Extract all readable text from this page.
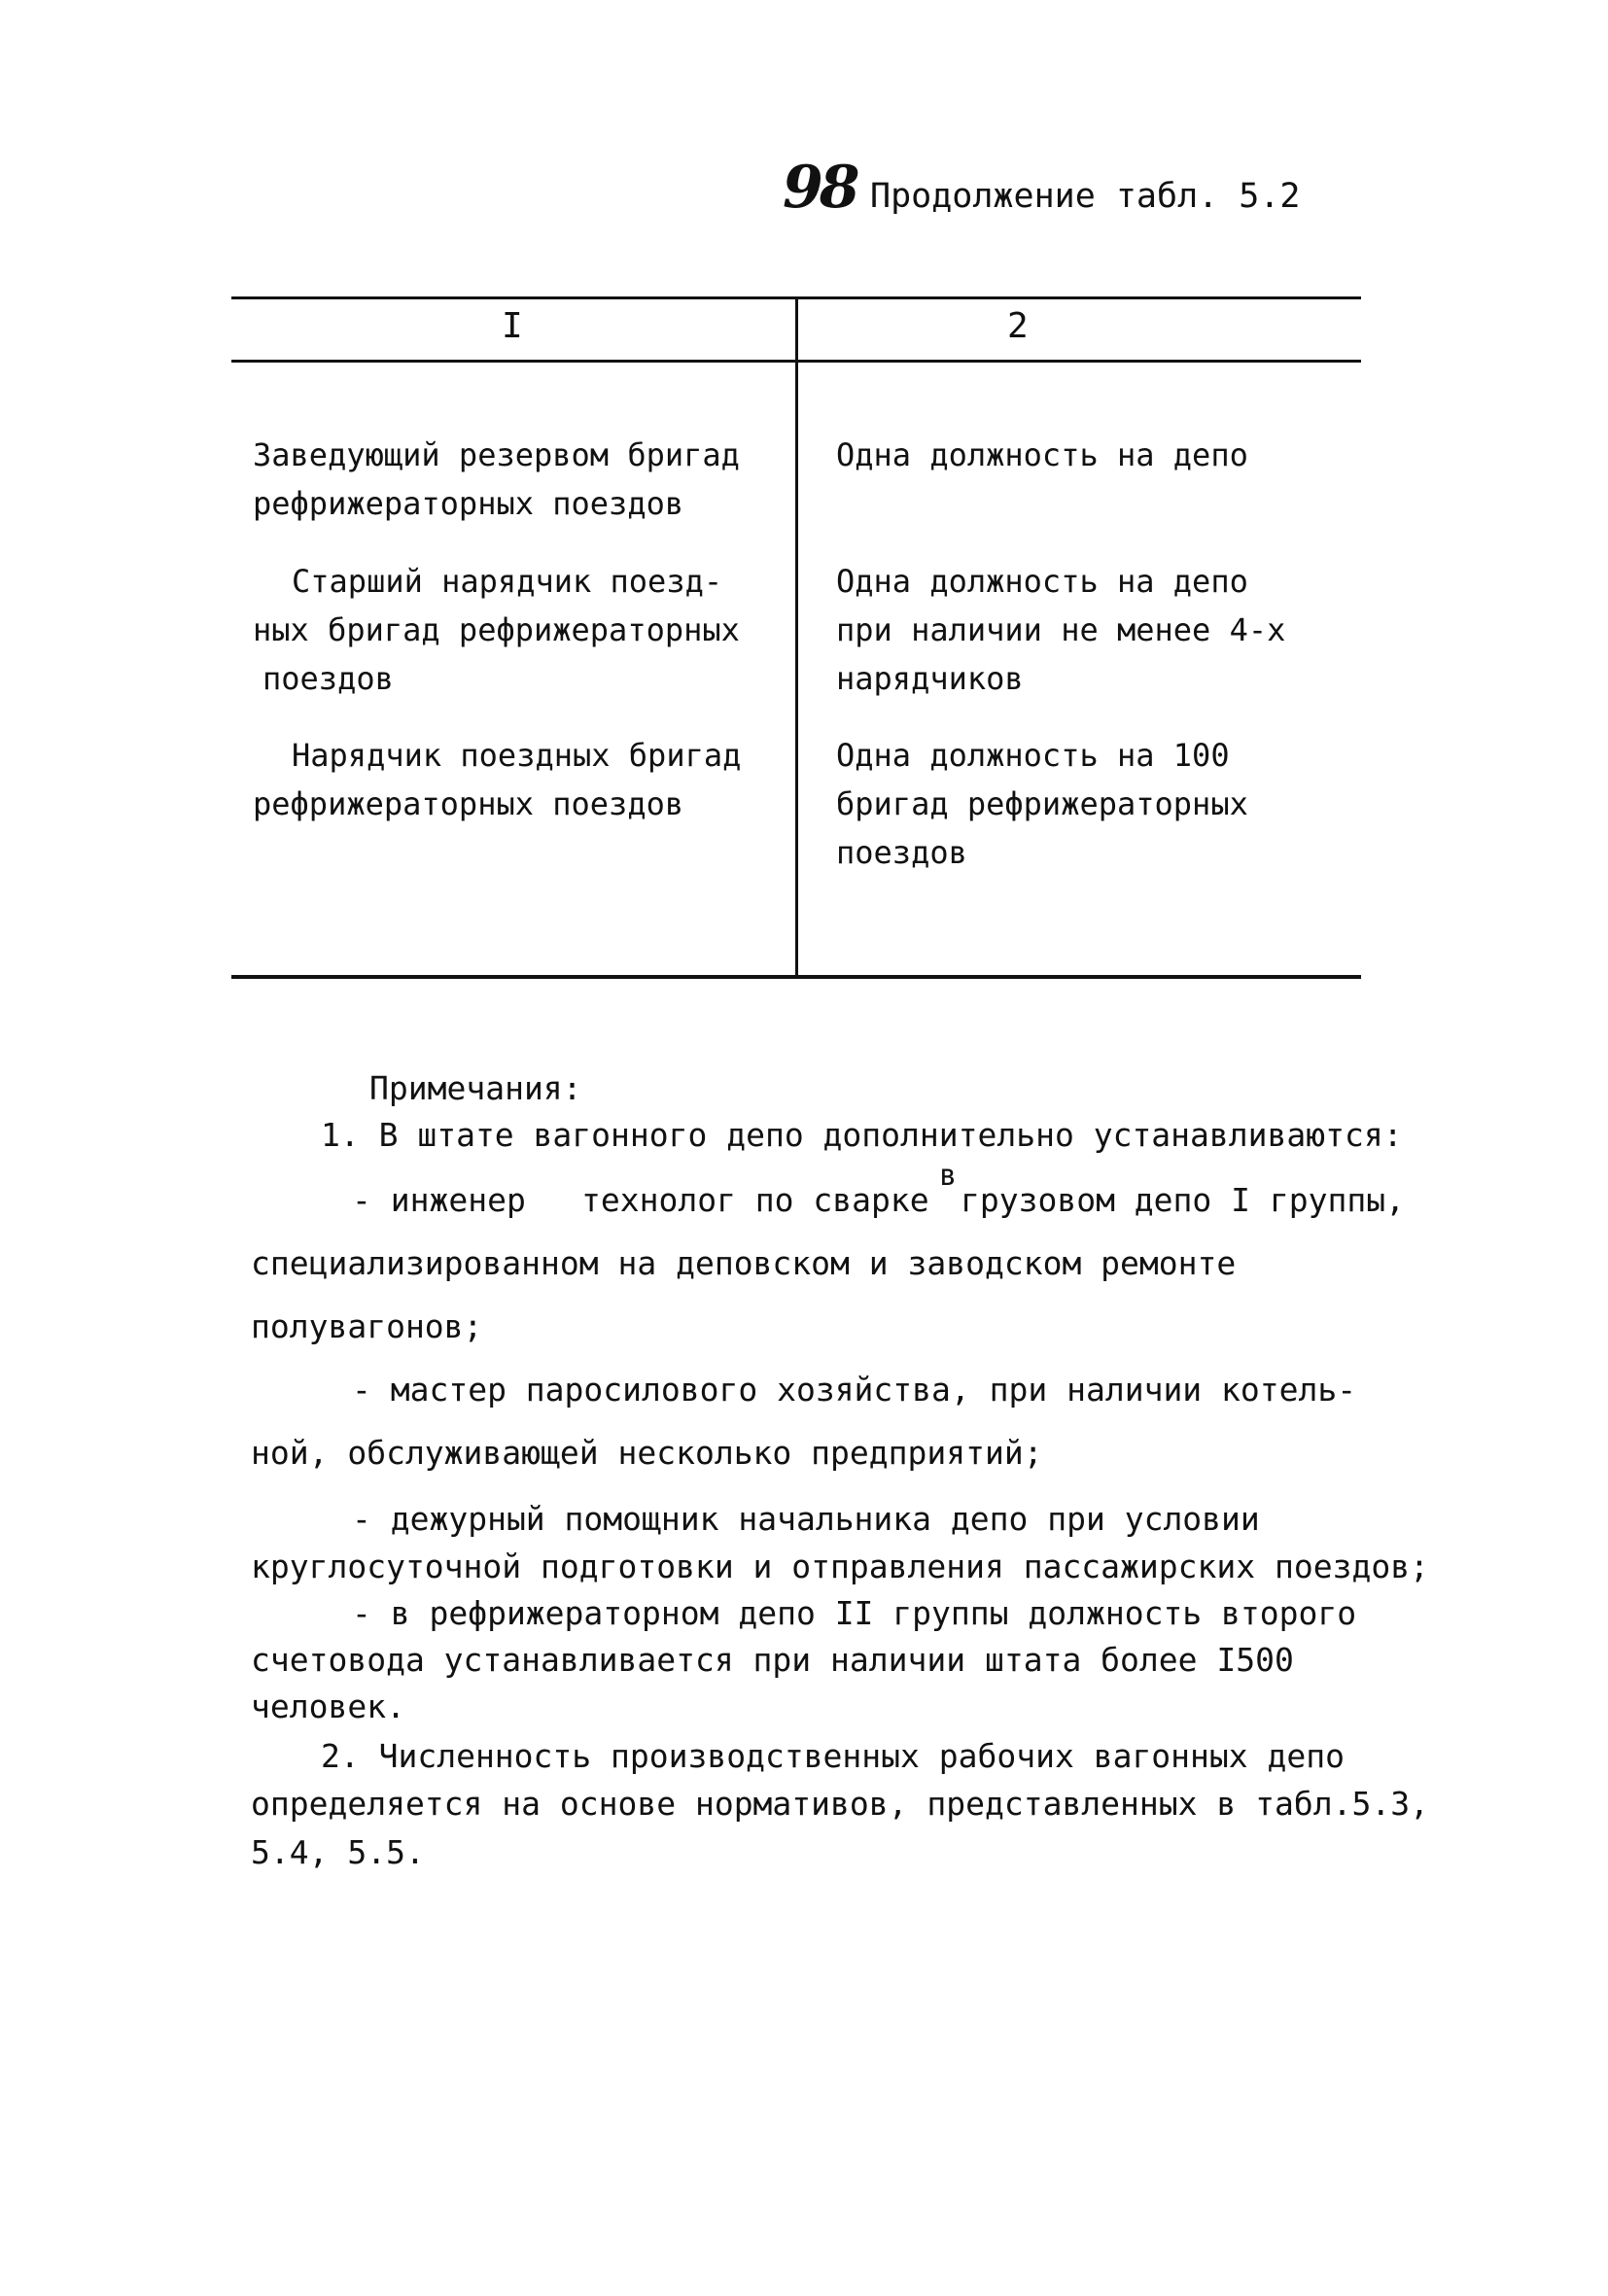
98 Продолжение табл. 5.2
I	2
Заведующий резервом бригад
рефрижераторных поездов
Одна должность на депо
Старший нарядчик поезд-
ных бригад рефрижераторных
поездов
Одна должность на депо
при наличии не менее 4-х
нарядчиков
Нарядчик поездных бригад
рефрижераторных поездов
Одна должность на 100
бригад рефрижераторных
поездов
Примечания:
1. В штате вагонного депо дополнительно устанавливаются:
- инженер технолог по сварке
в
грузовом депо I группы,
специализированном на деповском и заводском ремонте
полувагонов;
- мастер паросилового хозяйства, при наличии котель-
ной, обслуживающей несколько предприятий;
- дежурный помощник начальника депо при условии
круглосуточной подготовки и отправления пассажирских поездов;
- в рефрижераторном депо II группы должность второго
счетовода устанавливается при наличии штата более I500
человек.
2. Численность производственных рабочих вагонных депо
определяется на основе нормативов, представленных в табл.5.3,
5.4, 5.5.
